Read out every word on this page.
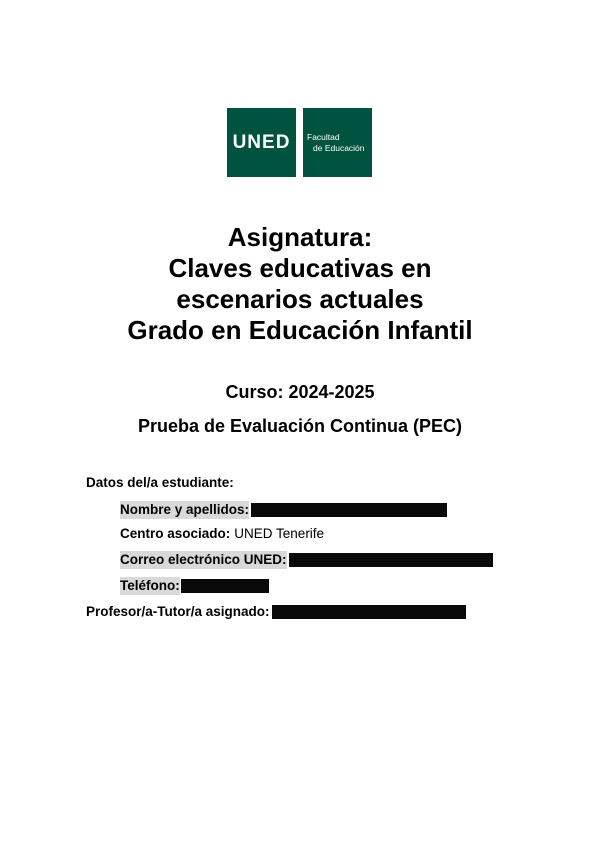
UNED Facultad
de Educación
Asignatura:
Claves educativas en
escenarios actuales
Grado en Educación Infantil
Curso: 2024-2025
Prueba de Evaluación Continua (PEC)
Datos del/a estudiante:
Nombre y apellidos:
Centro asociado: UNED Tenerife
Correo electrónico UNED:
Teléfono:
Profesor/a-Tutor/a asignado:
